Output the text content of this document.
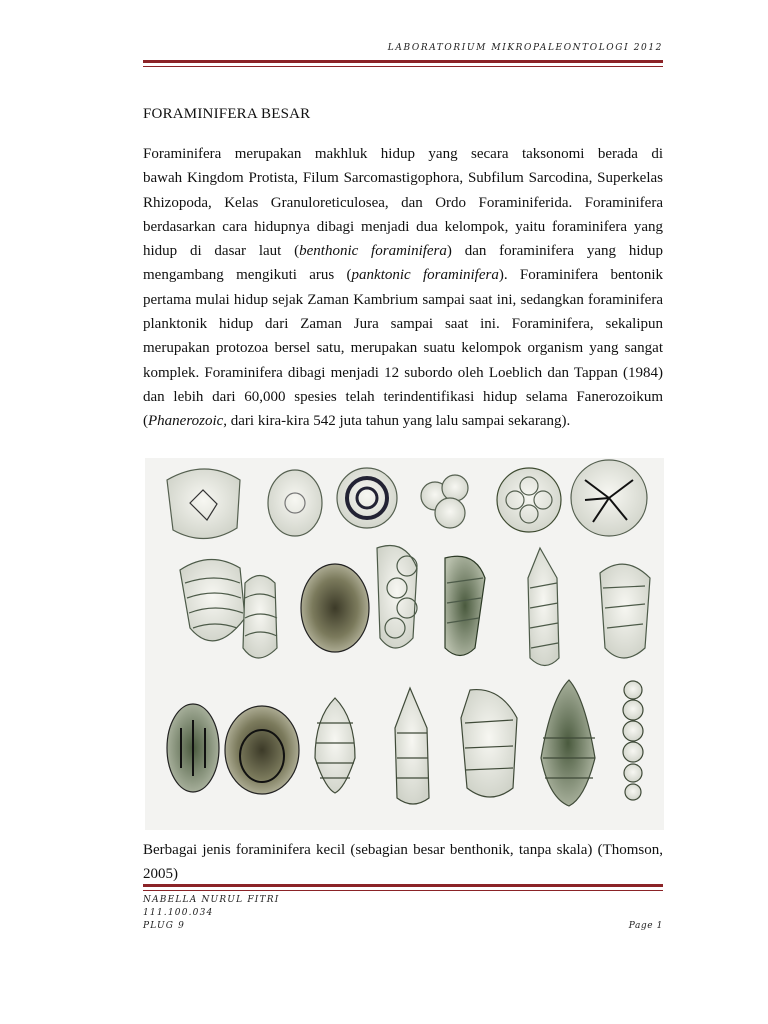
LABORATORIUM MIKROPALEONTOLOGI 2012
FORAMINIFERA BESAR
Foraminifera merupakan makhluk hidup yang secara taksonomi berada di
bawah Kingdom Protista, Filum Sarcomastigophora, Subfilum Sarcodina, Superkelas
Rhizopoda, Kelas Granuloreticulosea, dan Ordo Foraminiferida. Foraminifera
berdasarkan cara hidupnya dibagi menjadi dua kelompok, yaitu foraminifera yang
hidup di dasar laut (benthonic foraminifera) dan foraminifera yang hidup
mengambang mengikuti arus (panktonic foraminifera). Foraminifera bentonik
pertama mulai hidup sejak Zaman Kambrium sampai saat ini, sedangkan foraminifera
planktonik hidup dari Zaman Jura sampai saat ini. Foraminifera, sekalipun
merupakan protozoa bersel satu, merupakan suatu kelompok organism yang sangat
komplek. Foraminifera dibagi menjadi 12 subordo oleh Loeblich dan Tappan (1984)
dan lebih dari 60,000 spesies telah terindentifikasi hidup selama Fanerozoikum
(Phanerozoic, dari kira-kira 542 juta tahun yang lalu sampai sekarang).
Berbagai jenis foraminifera kecil (sebagian besar benthonik, tanpa skala) (Thomson,
2005)
NABELLA NURUL FITRI
111.100.034
PLUG 9	Page 1
